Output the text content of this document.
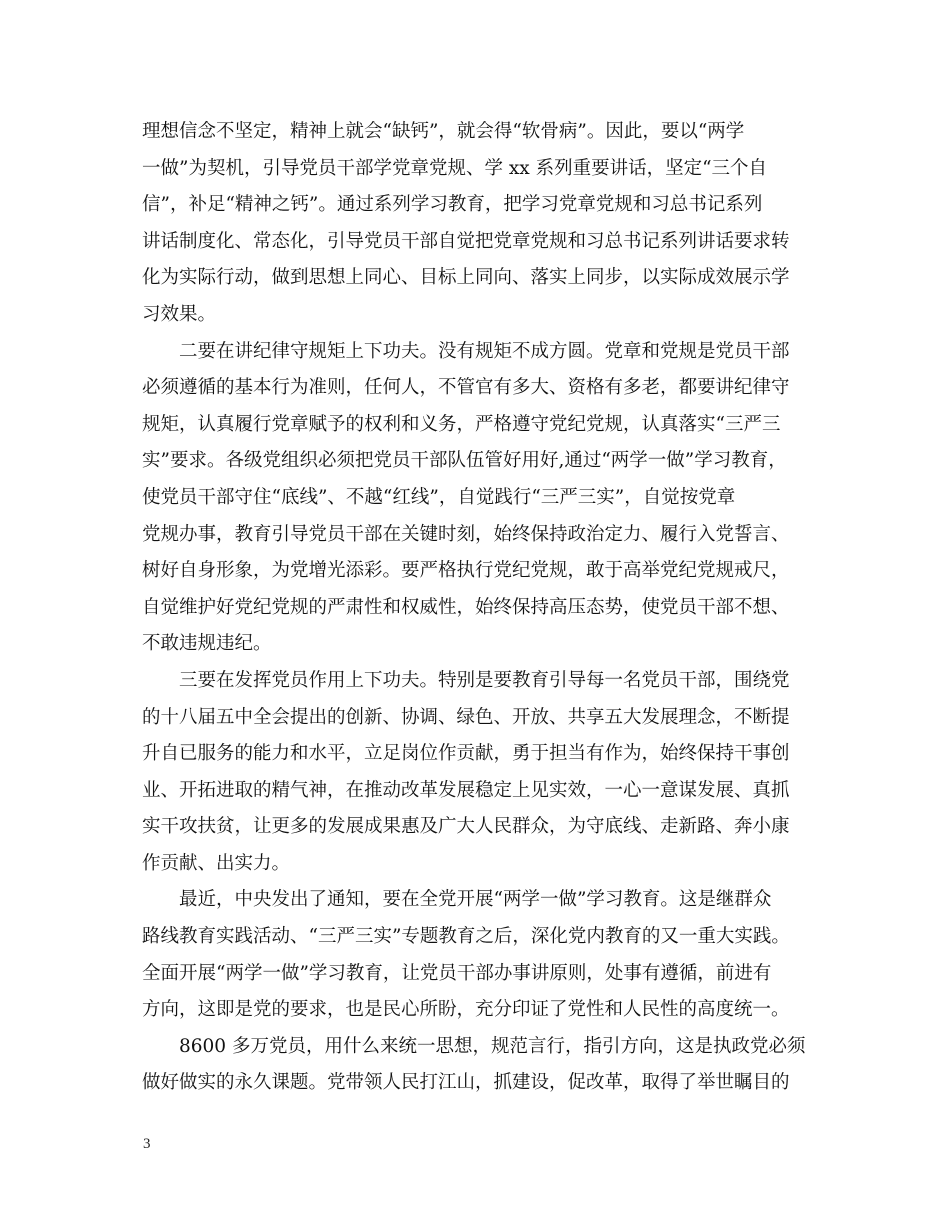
理想信念不坚定，精神上就会“缺钙”，就会得“软骨病”。因此，要以“两学
一做”为契机，引导党员干部学党章党规、学 xx 系列重要讲话，坚定“三个自
信”，补足“精神之钙”。通过系列学习教育，把学习党章党规和习总书记系列
讲话制度化、常态化，引导党员干部自觉把党章党规和习总书记系列讲话要求转
化为实际行动，做到思想上同心、目标上同向、落实上同步，以实际成效展示学
习效果。
　　二要在讲纪律守规矩上下功夫。没有规矩不成方圆。党章和党规是党员干部
必须遵循的基本行为准则，任何人，不管官有多大、资格有多老，都要讲纪律守
规矩，认真履行党章赋予的权利和义务，严格遵守党纪党规，认真落实“三严三
实”要求。各级党组织必须把党员干部队伍管好用好,通过“两学一做”学习教育，
使党员干部守住“底线”、不越“红线”，自觉践行“三严三实”，自觉按党章
党规办事，教育引导党员干部在关键时刻，始终保持政治定力、履行入党誓言、
树好自身形象，为党增光添彩。要严格执行党纪党规，敢于高举党纪党规戒尺，
自觉维护好党纪党规的严肃性和权威性，始终保持高压态势，使党员干部不想、
不敢违规违纪。
　　三要在发挥党员作用上下功夫。特别是要教育引导每一名党员干部，围绕党
的十八届五中全会提出的创新、协调、绿色、开放、共享五大发展理念，不断提
升自已服务的能力和水平，立足岗位作贡献，勇于担当有作为，始终保持干事创
业、开拓进取的精气神，在推动改革发展稳定上见实效，一心一意谋发展、真抓
实干攻扶贫，让更多的发展成果惠及广大人民群众，为守底线、走新路、奔小康
作贡献、出实力。
　　最近，中央发出了通知，要在全党开展“两学一做”学习教育。这是继群众
路线教育实践活动、“三严三实”专题教育之后，深化党内教育的又一重大实践。
全面开展“两学一做”学习教育，让党员干部办事讲原则，处事有遵循，前进有
方向，这即是党的要求，也是民心所盼，充分印证了党性和人民性的高度统一。
　　8600 多万党员，用什么来统一思想，规范言行，指引方向，这是执政党必须
做好做实的永久课题。党带领人民打江山，抓建设，促改革，取得了举世瞩目的
3
